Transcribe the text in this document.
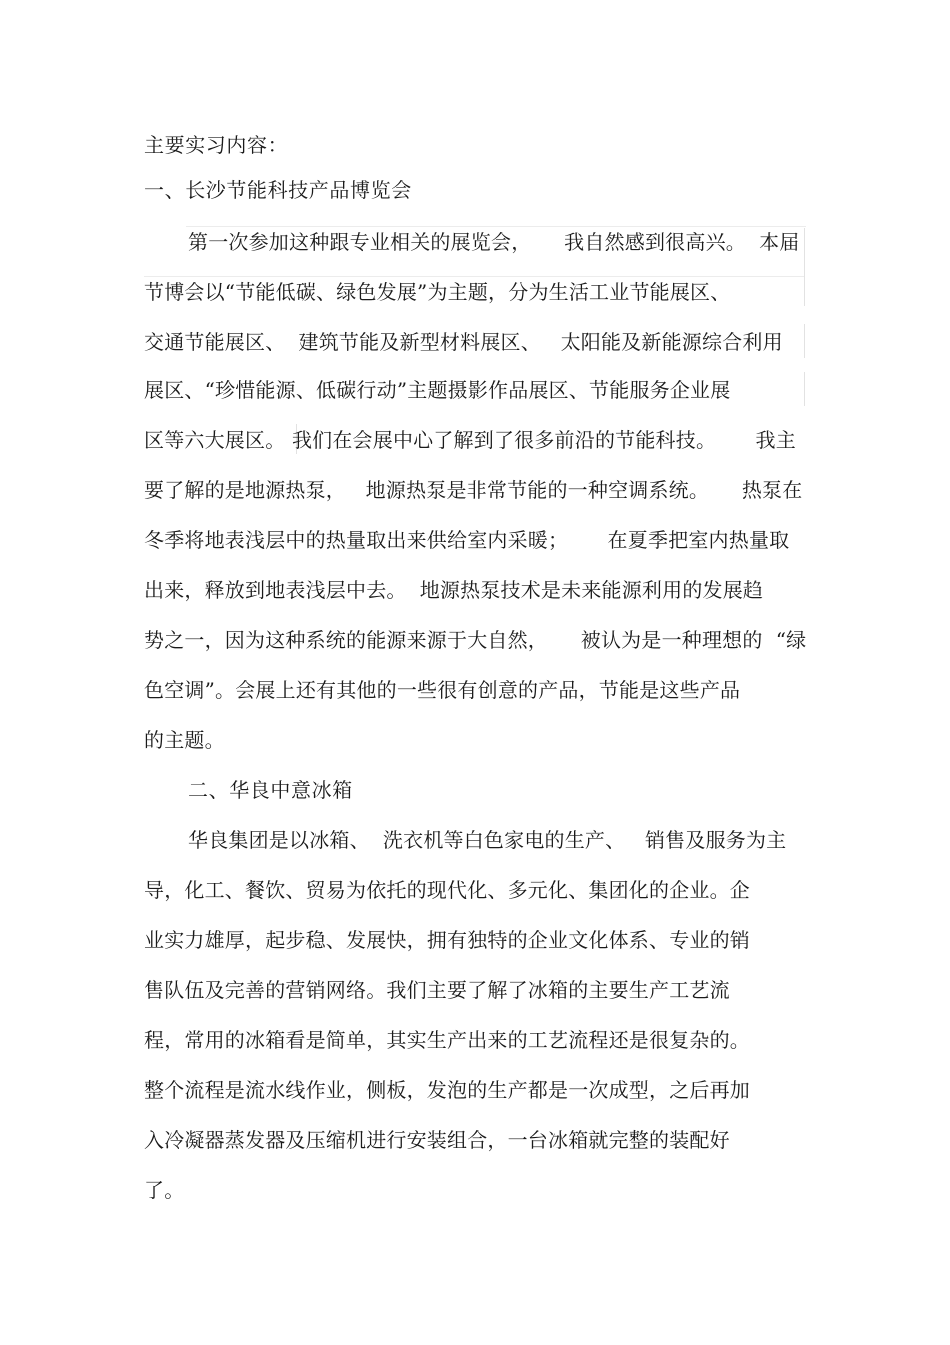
主要实习内容：
一、长沙节能科技产品博览会
第一次参加这种跟专业相关的展览会，     我自然感到很高兴。  本届
节博会以“节能低碳、绿色发展”为主题，分为生活工业节能展区、
交通节能展区、  建筑节能及新型材料展区、   太阳能及新能源综合利用
展区、“珍惜能源、低碳行动”主题摄影作品展区、节能服务企业展
区等六大展区。 我们在会展中心了解到了很多前沿的节能科技。      我主
要了解的是地源热泵，   地源热泵是非常节能的一种空调系统。     热泵在
冬季将地表浅层中的热量取出来供给室内采暖；      在夏季把室内热量取
出来，释放到地表浅层中去。  地源热泵技术是未来能源利用的发展趋
势之一，因为这种系统的能源来源于大自然，     被认为是一种理想的  “绿
色空调”。会展上还有其他的一些很有创意的产品，节能是这些产品
的主题。
二、华良中意冰箱
华良集团是以冰箱、  洗衣机等白色家电的生产、   销售及服务为主
导，化工、餐饮、贸易为依托的现代化、多元化、集团化的企业。企
业实力雄厚，起步稳、发展快，拥有独特的企业文化体系、专业的销
售队伍及完善的营销网络。我们主要了解了冰箱的主要生产工艺流
程，常用的冰箱看是简单，其实生产出来的工艺流程还是很复杂的。
整个流程是流水线作业，侧板，发泡的生产都是一次成型，之后再加
入冷凝器蒸发器及压缩机进行安装组合，一台冰箱就完整的装配好
了。
